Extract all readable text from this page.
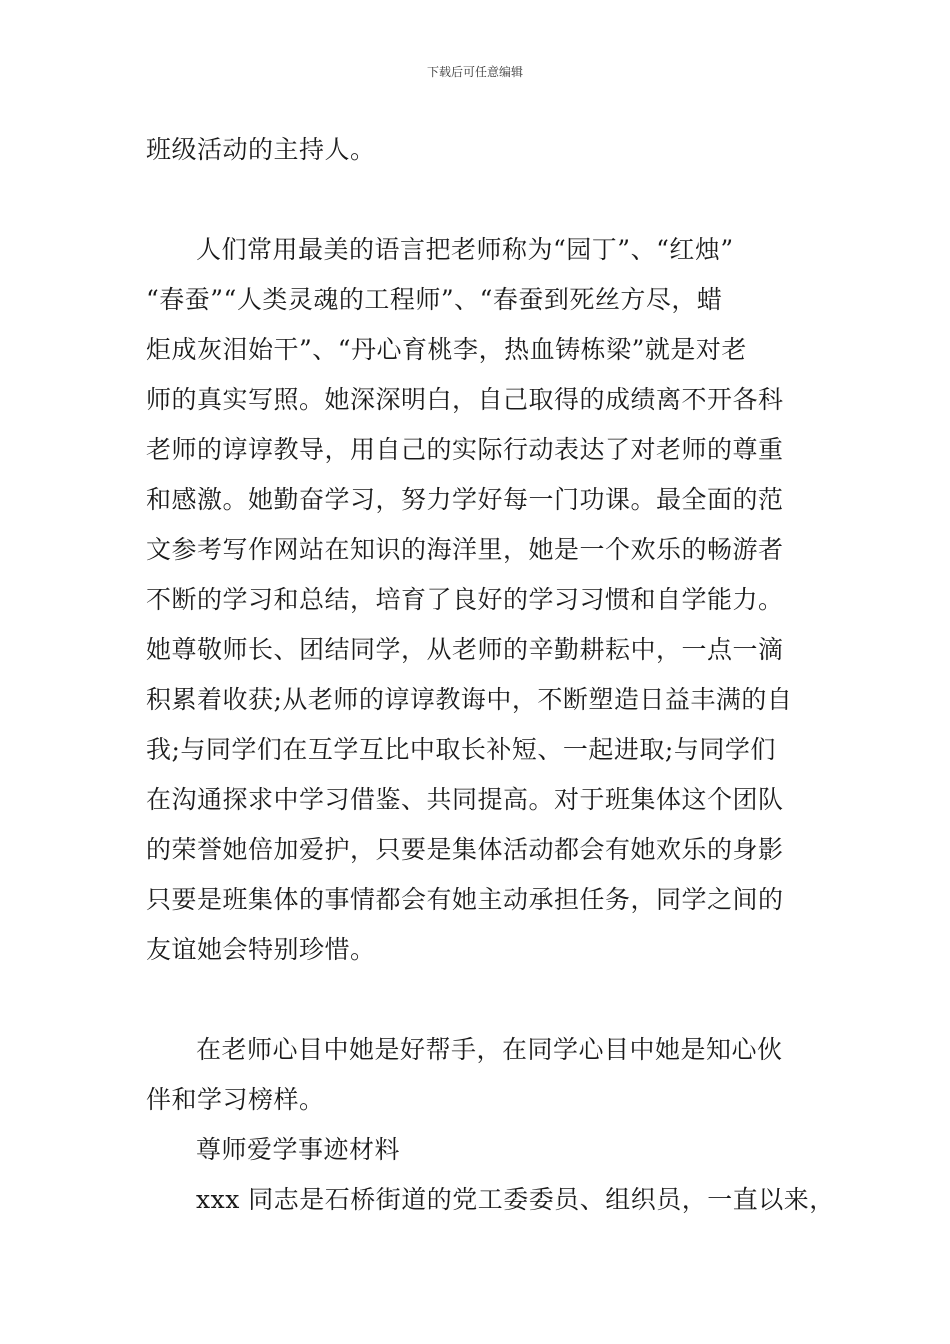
下载后可任意编辑
班级活动的主持人。
人们常用最美的语言把老师称为“园丁”、“红烛”
“春蚕”“人类灵魂的工程师”、“春蚕到死丝方尽，蜡
炬成灰泪始干”、“丹心育桃李，热血铸栋梁”就是对老
师的真实写照。她深深明白，自己取得的成绩离不开各科
老师的谆谆教导，用自己的实际行动表达了对老师的尊重
和感激。她勤奋学习，努力学好每一门功课。最全面的范
文参考写作网站在知识的海洋里，她是一个欢乐的畅游者
不断的学习和总结，培育了良好的学习习惯和自学能力。
她尊敬师长、团结同学，从老师的辛勤耕耘中，一点一滴
积累着收获;从老师的谆谆教诲中，不断塑造日益丰满的自
我;与同学们在互学互比中取长补短、一起进取;与同学们
在沟通探求中学习借鉴、共同提高。对于班集体这个团队
的荣誉她倍加爱护，只要是集体活动都会有她欢乐的身影
只要是班集体的事情都会有她主动承担任务，同学之间的
友谊她会特别珍惜。
在老师心目中她是好帮手，在同学心目中她是知心伙
伴和学习榜样。
尊师爱学事迹材料
xxx 同志是石桥街道的党工委委员、组织员，一直以来，
